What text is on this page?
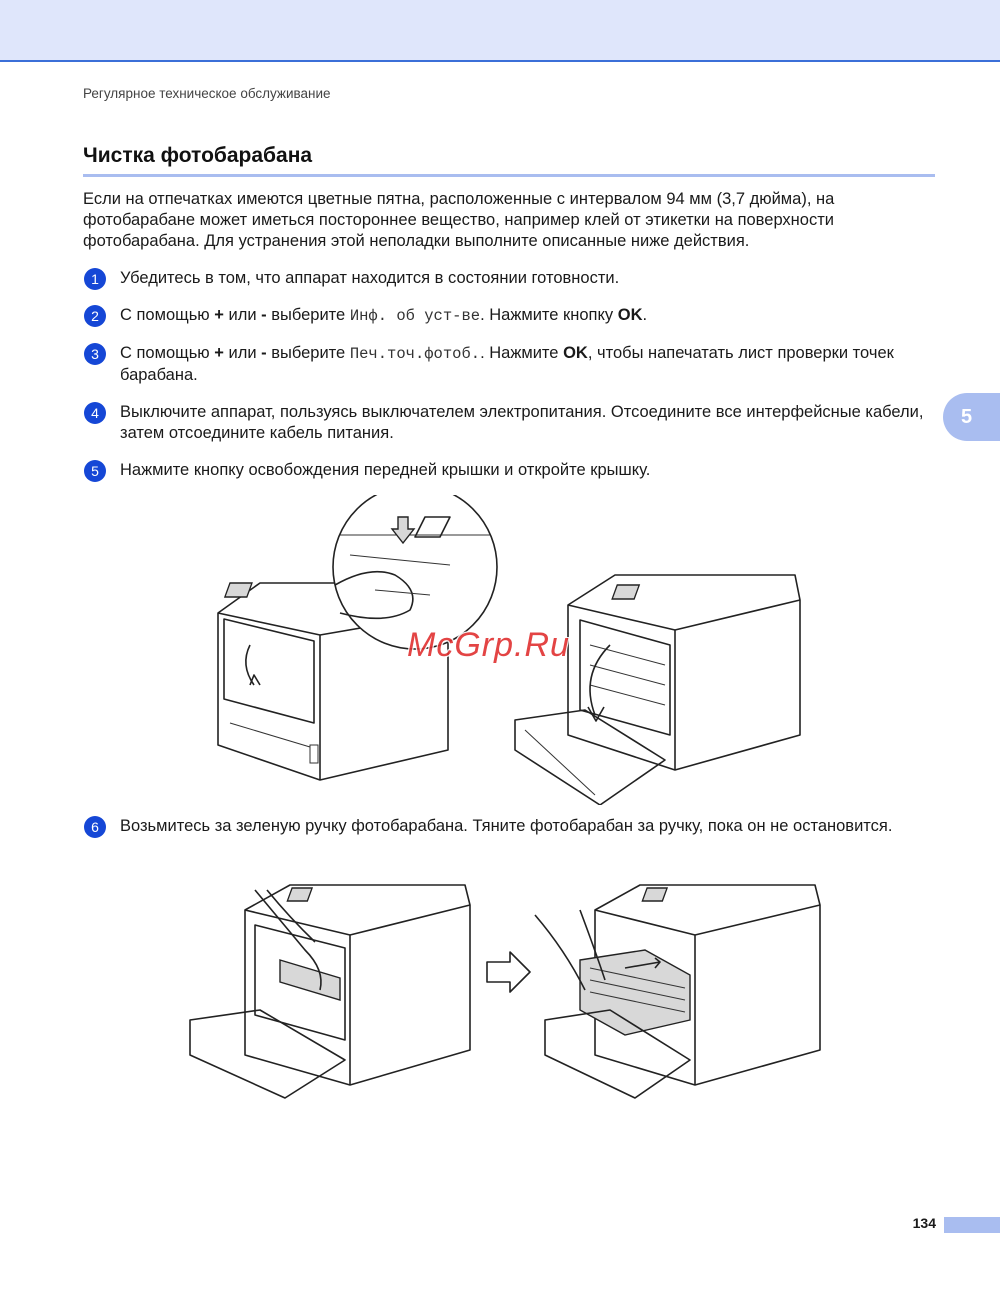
Регулярное техническое обслуживание
Чистка фотобарабана
Если на отпечатках имеются цветные пятна, расположенные с интервалом 94 мм (3,7 дюйма), на фотобарабане может иметься постороннее вещество, например клей от этикетки на поверхности фотобарабана. Для устранения этой неполадки выполните описанные ниже действия.
1	Убедитесь в том, что аппарат находится в состоянии готовности.
2	С помощью + или - выберите Инф. об уст-ве. Нажмите кнопку OK.
3	С помощью + или - выберите Печ.точ.фотоб.. Нажмите OK, чтобы напечатать лист проверки точек барабана.
4	Выключите аппарат, пользуясь выключателем электропитания. Отсоедините все интерфейсные кабели, затем отсоедините кабель питания.
5	Нажмите кнопку освобождения передней крышки и откройте крышку.
5
McGrp.Ru
6	Возьмитесь за зеленую ручку фотобарабана. Тяните фотобарабан за ручку, пока он не остановится.
134
